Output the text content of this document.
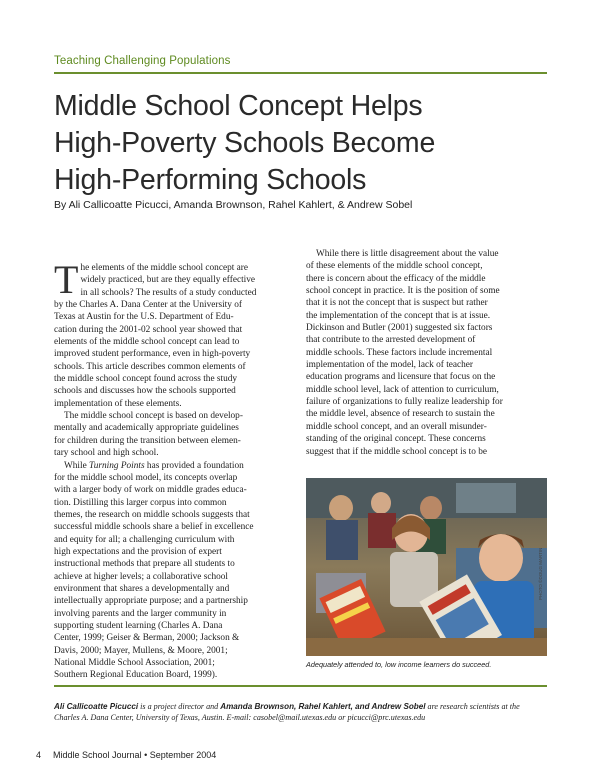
Teaching Challenging Populations
Middle School Concept Helps
High-Poverty Schools Become
High-Performing Schools
By Ali Callicoatte Picucci, Amanda Brownson, Rahel Kahlert, & Andrew Sobel
T he elements of the middle school concept are
widely practiced, but are they equally effective
in all schools? The results of a study conducted
by the Charles A. Dana Center at the University of
Texas at Austin for the U.S. Department of Edu-
cation during the 2001-02 school year showed that
elements of the middle school concept can lead to
improved student performance, even in high-poverty
schools. This article describes common elements of
the middle school concept found across the study
schools and discusses how the schools supported
implementation of these elements.
The middle school concept is based on develop-
mentally and academically appropriate guidelines
for children during the transition between elemen-
tary school and high school.
While Turning Points has provided a foundation
for the middle school model, its concepts overlap
with a larger body of work on middle grades educa-
tion. Distilling this larger corpus into common
themes, the research on middle schools suggests that
successful middle schools share a belief in excellence
and equity for all; a challenging curriculum with
high expectations and the provision of expert
instructional methods that prepare all students to
achieve at higher levels; a collaborative school
environment that shares a developmentally and
intellectually appropriate purpose; and a partnership
involving parents and the larger community in
supporting student learning (Charles A. Dana
Center, 1999; Geiser & Berman, 2000; Jackson &
Davis, 2000; Mayer, Mullens, & Moore, 2001;
National Middle School Association, 2001;
Southern Regional Education Board, 1999).
While there is little disagreement about the value
of these elements of the middle school concept,
there is concern about the efficacy of the middle
school concept in practice. It is the position of some
that it is not the concept that is suspect but rather
the implementation of the concept that is at issue.
Dickinson and Butler (2001) suggested six factors
that contribute to the arrested development of
middle schools. These factors include incremental
implementation of the model, lack of teacher
education programs and licensure that focus on the
middle school level, lack of attention to curriculum,
failure of organizations to fully realize leadership for
the middle level, absence of research to sustain the
middle school concept, and an overall misunder-
standing of the original concept. These concerns
suggest that if the middle school concept is to be
PHOTO ©DOUG MARTIN
Adequately attended to, low income learners do succeed.
Ali Callicoatte Picucci is a project director and Amanda Brownson, Rahel Kahlert, and Andrew Sobel are research scientists at the
Charles A. Dana Center, University of Texas, Austin. E-mail: casobel@mail.utexas.edu or picucci@prc.utexas.edu
4 Middle School Journal • September 2004
